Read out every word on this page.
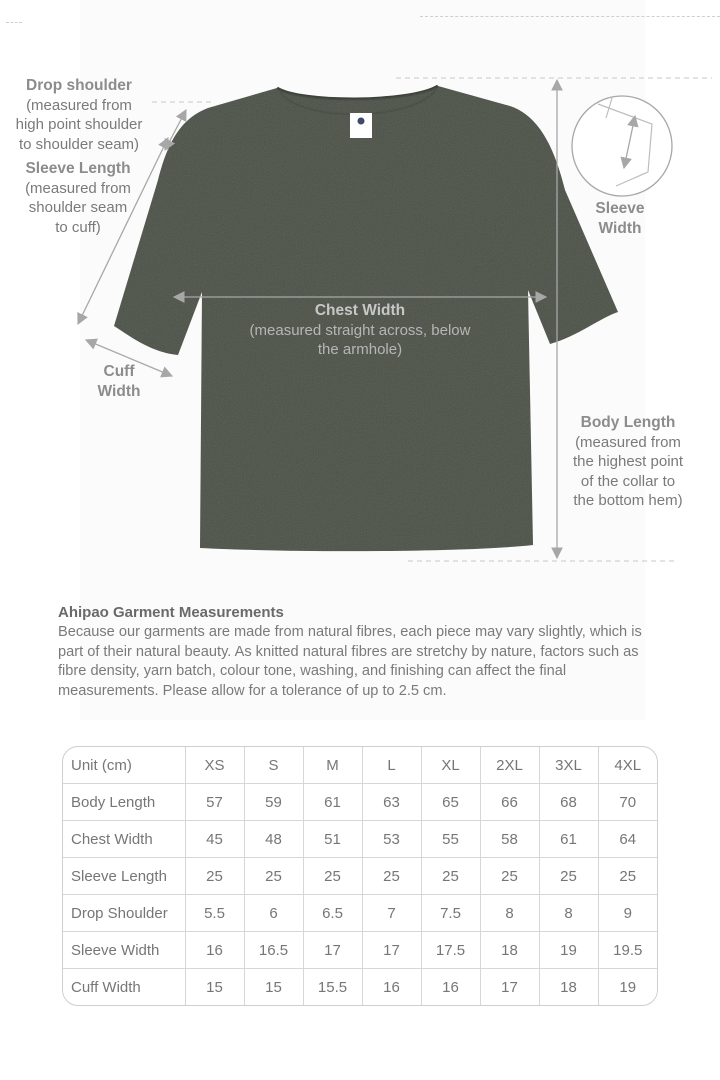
Drop shoulder
(measured from
high point shoulder
to shoulder seam)
Sleeve Length
(measured from
shoulder seam
to cuff)
Cuff
Width
Chest Width
(measured straight across, below
the armhole)
Sleeve
Width
Body Length
(measured from
the highest point
of the collar to
the bottom hem)
Ahipao Garment Measurements
Because our garments are made from natural fibres, each piece may vary slightly, which is part of their natural beauty. As knitted natural fibres are stretchy by nature, factors such as fibre density, yarn batch, colour tone, washing, and finishing can affect the final measurements. Please allow for a tolerance of up to 2.5 cm.
Unit (cm)	XS	S	M	L	XL	2XL	3XL	4XL
Body Length	57	59	61	63	65	66	68	70
Chest Width	45	48	51	53	55	58	61	64
Sleeve Length	25	25	25	25	25	25	25	25
Drop Shoulder	5.5	6	6.5	7	7.5	8	8	9
Sleeve Width	16	16.5	17	17	17.5	18	19	19.5
Cuff Width	15	15	15.5	16	16	17	18	19
